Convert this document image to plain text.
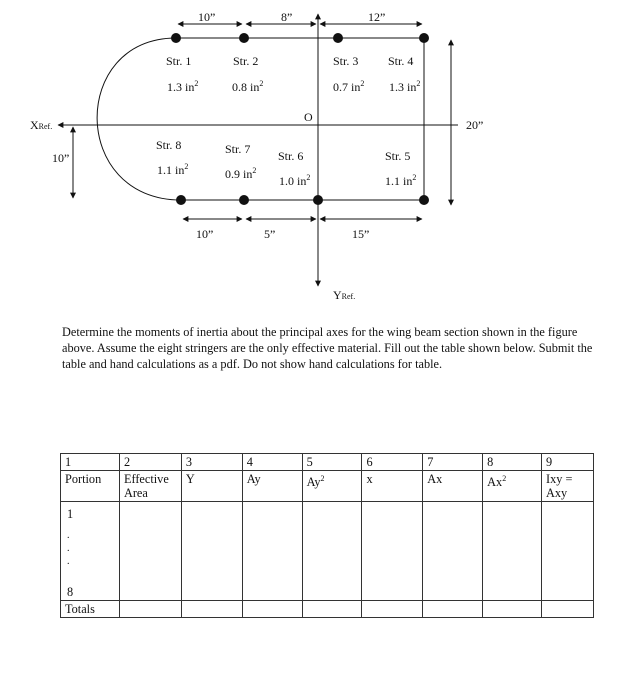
10”	8”	12”
10”	5”	15”
20”
10”
XRef.
YRef.
O
Str. 1
1.3 $in^2$
Str. 2
0.8 $in^2$
Str. 3
0.7 $in^2$
Str. 4
1.3 $in^2$
Str. 8
1.1 $in^2$
Str. 7
0.9 $in^2$
Str. 6
1.0 $in^2$
Str. 5
1.1 $in^2$

Determine the moments of inertia about the principal axes for the wing beam section shown in the figure above. Assume the eight stringers are the only effective material. Fill out the table shown below. Submit the table and hand calculations as a pdf. Do not show hand calculations for table.

1	2	3	4	5	6	7	8	9
Portion	Effective Area	Y	Ay	Ay$^2$	x	Ax	Ax$^2$	Ixy = Axy

1
.
.
.
8								

Totals								
